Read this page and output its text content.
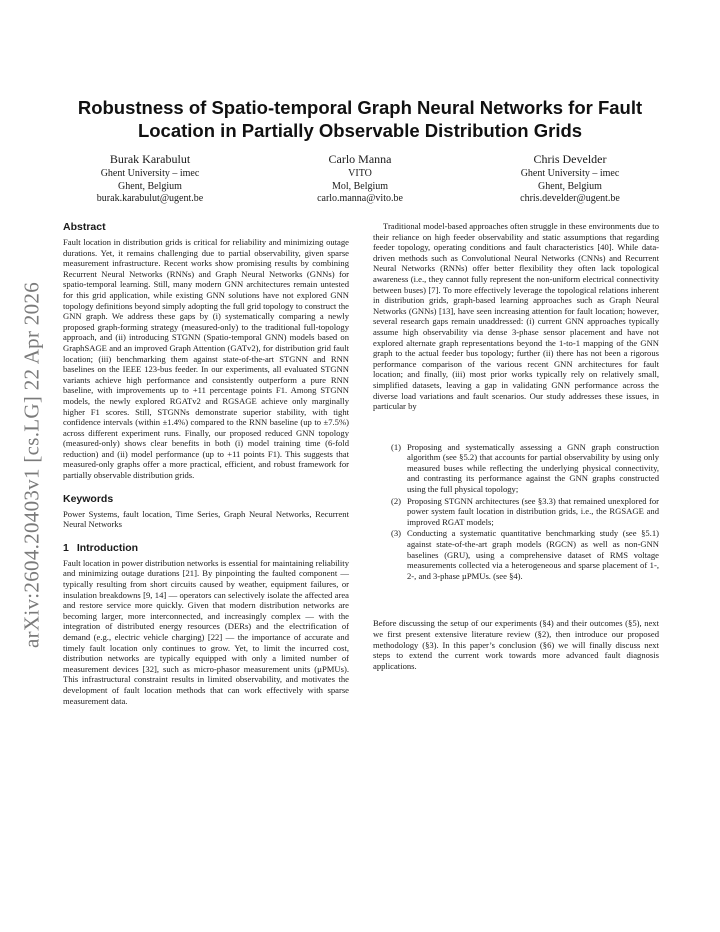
arXiv:2604.20403v1 [cs.LG] 22 Apr 2026
Robustness of Spatio-temporal Graph Neural Networks for Fault Location in Partially Observable Distribution Grids
Burak Karabulut
Ghent University – imec
Ghent, Belgium
burak.karabulut@ugent.be
Carlo Manna
VITO
Mol, Belgium
carlo.manna@vito.be
Chris Develder
Ghent University – imec
Ghent, Belgium
chris.develder@ugent.be
Abstract

Fault location in distribution grids is critical for reliability and minimizing outage durations. Yet, it remains challenging due to partial observability, given sparse measurement infrastructure. Recent works show promising results by combining Recurrent Neural Networks (RNNs) and Graph Neural Networks (GNNs) for spatio-temporal learning. Still, many modern GNN architectures remain untested for this grid application, while existing GNN solutions have not explored GNN topology definitions beyond simply adopting the full grid topology to construct the GNN graph. We address these gaps by (i) systematically comparing a newly proposed graph-forming strategy (measured-only) to the traditional full-topology approach, and (ii) introducing STGNN (Spatio-temporal GNN) models based on GraphSAGE and an improved Graph Attention (GATv2), for distribution grid fault location; (iii) benchmarking them against state-of-the-art STGNN and RNN baselines on the IEEE 123-bus feeder. In our experiments, all evaluated STGNN variants achieve high performance and consistently outperform a pure RNN baseline, with improvements up to +11 percentage points F1. Among STGNN models, the newly explored RGATv2 and RGSAGE achieve only marginally higher F1 scores. Still, STGNNs demonstrate superior stability, with tight confidence intervals (within ±1.4%) compared to the RNN baseline (up to ±7.5%) across different experiment runs. Finally, our proposed reduced GNN topology (measured-only) shows clear benefits in both (i) model training time (6-fold reduction) and (ii) model performance (up to +11 points F1). This suggests that measured-only graphs offer a more practical, efficient, and robust framework for partially observable distribution grids.

Keywords

Power Systems, fault location, Time Series, Graph Neural Networks, Recurrent Neural Networks

1 Introduction

Fault location in power distribution networks is essential for maintaining reliability and minimizing outage durations [21]. By pinpointing the faulted component — typically resulting from short circuits caused by weather, equipment failures, or insulation breakdowns [9, 14] — operators can selectively isolate the affected area and restore service more quickly. Given that modern distribution networks are becoming larger, more interconnected, and increasingly complex — with the integration of distributed energy resources (DERs) and the electrification of demand (e.g., electric vehicle charging) [22] — the importance of accurate and timely fault location only continues to grow. Yet, to limit the incurred cost, distribution networks are typically equipped with only a limited number of measurement devices [32], such as micro-phasor measurement units (µPMUs). This infrastructural constraint results in limited observability, and motivates the development of fault location methods that can work effectively with sparse measurement data.

Traditional model-based approaches often struggle in these environments due to their reliance on high feeder observability and static assumptions that regarding feeder topology, operating conditions and fault characteristics [40]. While data-driven methods such as Convolutional Neural Networks (CNNs) and Recurrent Neural Networks (RNNs) offer better flexibility they often lack topological awareness (i.e., they cannot fully represent the non-uniform electrical connectivity between buses) [7]. To more effectively leverage the topological relations inherent in distribution grids, graph-based learning approaches such as Graph Neural Networks (GNNs) [13], have seen increasing attention for fault location; however, several research gaps remain unaddressed: (i) current GNN approaches typically assume high observability via dense 3-phase sensor placement and have not explored alternate graph representations beyond the 1-to-1 mapping of the GNN graph to the actual feeder bus topology; further (ii) there has not been a rigorous performance comparison of the various recent GNN architectures for fault location; and finally, (iii) most prior works typically rely on relatively small, simplified datasets, leaving a gap in validating GNN performance across the diverse load variations and fault scenarios. Our study addresses these issues, in particular by

(1) Proposing and systematically assessing a GNN graph construction algorithm (see §5.2) that accounts for partial observability by using only measured buses while reflecting the underlying physical connectivity, and contrasting its performance against the GNN graphs constructed using the full physical topology;
(2) Proposing STGNN architectures (see §3.3) that remained unexplored for power system fault location in distribution grids, i.e., the RGSAGE and improved RGAT models;
(3) Conducting a systematic quantitative benchmarking study (see §5.1) against state-of-the-art graph models (RGCN) as well as non-GNN baselines (GRU), using a comprehensive dataset of RMS voltage measurements collected via a heterogeneous and sparse placement of 1-, 2-, and 3-phase µPMUs. (see §4).

Before discussing the setup of our experiments (§4) and their outcomes (§5), next we first present extensive literature review (§2), then introduce our proposed methodology (§3). In this paper’s conclusion (§6) we will finally discuss next steps to extend the current work towards more advanced fault diagnosis applications.
